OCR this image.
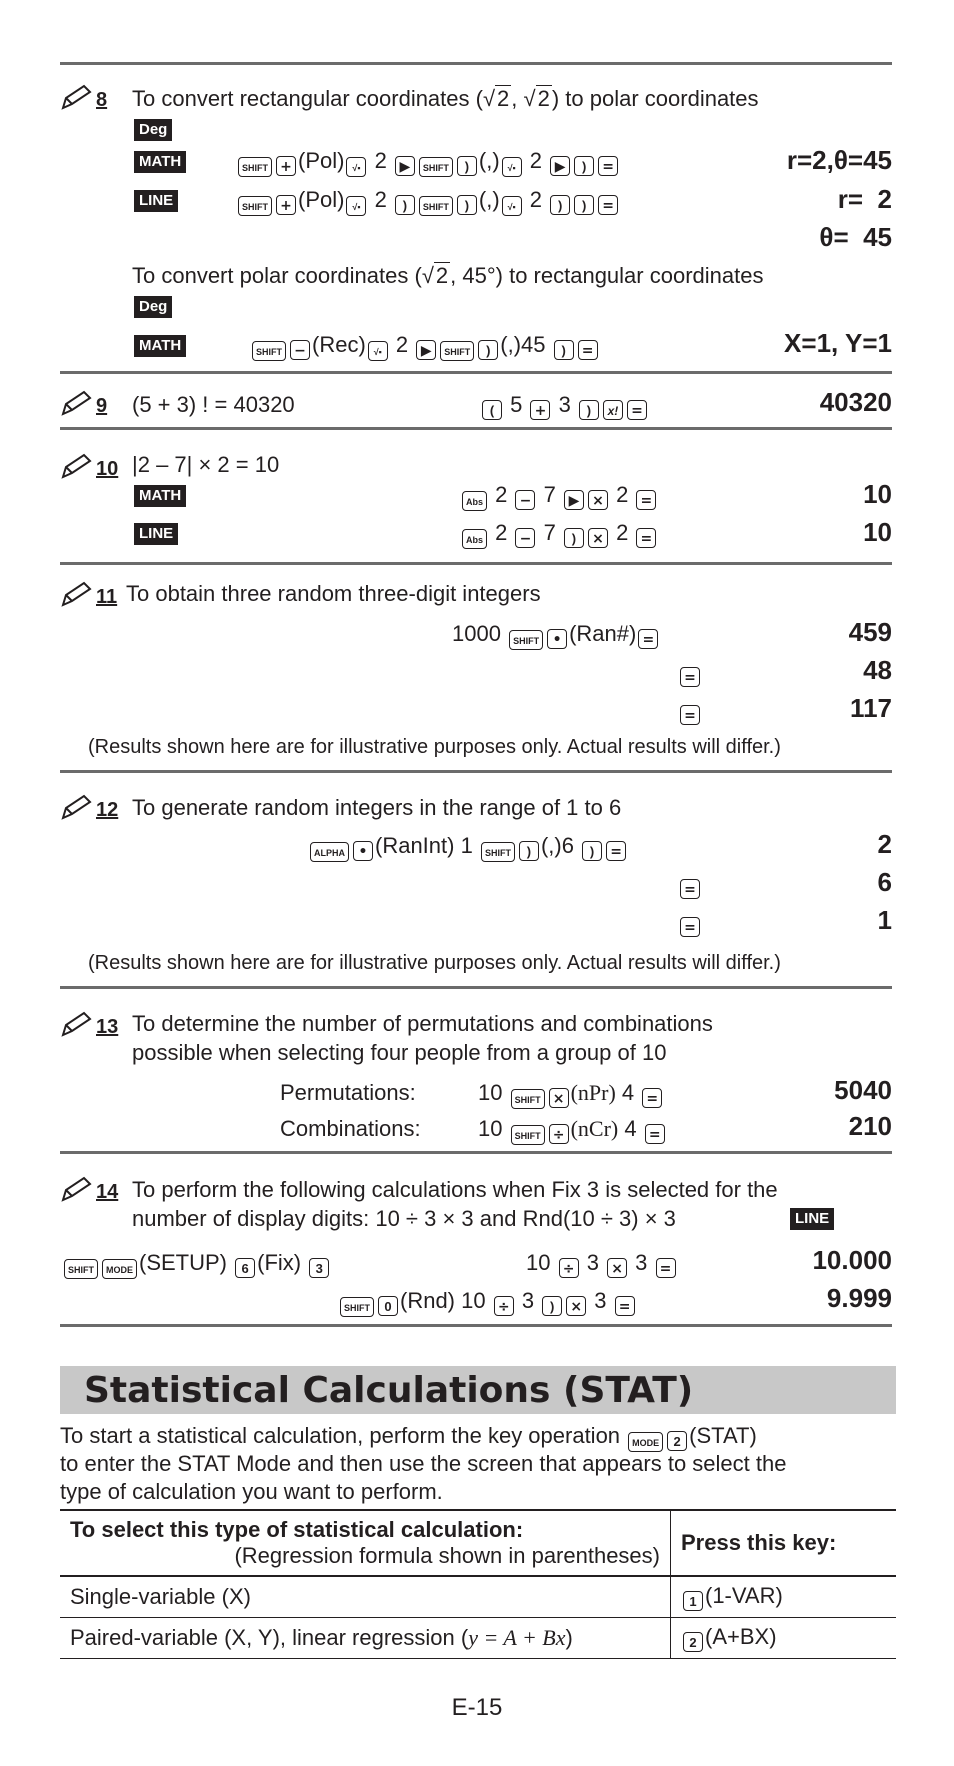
8 To convert rectangular coordinates (√2, √2) to polar coordinates
Deg
MATH	SHIFT + (Pol) √▪ 2 ▶ SHIFT ) (,) √▪ 2 ▶ ) =	r=2,θ=45
LINE	SHIFT + (Pol) √▪ 2 ) SHIFT ) (,) √▪ 2 ) ) =	r=  2
θ=  45
To convert polar coordinates (√2, 45°) to rectangular coordinates
Deg
MATH	SHIFT − (Rec) √▪ 2 ▶ SHIFT ) (,)45 ) =	X=1, Y=1
9 (5 + 3) ! = 40320	( 5 + 3 ) x! =	40320
10 |2 – 7| × 2 = 10
MATH	Abs 2 − 7 ▶ × 2 =	10
LINE	Abs 2 − 7 ) × 2 =	10
11 To obtain three random three-digit integers
1000 SHIFT • (Ran#) =	459
=	48
=	117
(Results shown here are for illustrative purposes only. Actual results will differ.)
12 To generate random integers in the range of 1 to 6
ALPHA • (RanInt) 1 SHIFT ) (,)6 ) =	2
=	6
=	1
(Results shown here are for illustrative purposes only. Actual results will differ.)
13 To determine the number of permutations and combinations
possible when selecting four people from a group of 10
Permutations:	10 SHIFT × (nPr) 4 =	5040
Combinations:	10 SHIFT ÷ (nCr) 4 =	210
14 To perform the following calculations when Fix 3 is selected for the
number of display digits: 10 ÷ 3 × 3 and Rnd(10 ÷ 3) × 3	LINE
SHIFT MODE (SETUP) 6 (Fix) 3	10 ÷ 3 × 3 =	10.000
SHIFT 0 (Rnd) 10 ÷ 3 ) × 3 =	9.999
Statistical Calculations (STAT)
To start a statistical calculation, perform the key operation MODE 2 (STAT)
to enter the STAT Mode and then use the screen that appears to select the
type of calculation you want to perform.
To select this type of statistical calculation:
(Regression formula shown in parentheses)	Press this key:
Single-variable (X)	1 (1-VAR)
Paired-variable (X, Y), linear regression (y = A + Bx)	2 (A+BX)
E-15
